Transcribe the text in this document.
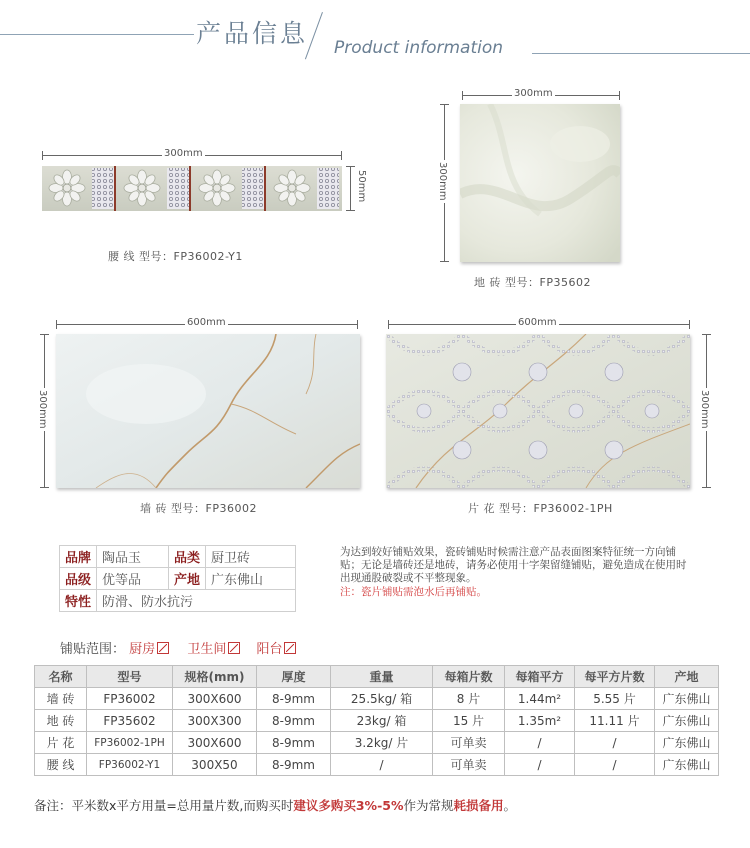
产品信息 Product information
300mm
50mm
腰 线 型号：FP36002-Y1
300mm
300mm
地 砖 型号：FP35602
600mm
300mm
墙 砖 型号：FP36002
600mm
300mm
片 花 型号：FP36002-1PH
品牌	陶品玉	品类	厨卫砖
品级	优等品	产地	广东佛山
特性	防滑、防水抗污		
为达到较好铺贴效果，瓷砖铺贴时候需注意产品表面图案特征统一方向铺贴；无论是墙砖还是地砖，请务必使用十字架留缝铺贴，避免造成在使用时出现通股破裂或不平整现象。
注：瓷片铺贴需泡水后再铺贴。
铺贴范围： 厨房 卫生间 阳台
名称	型号	规格(mm)	厚度	重量	每箱片数	每箱平方	每平方片数	产地
墙 砖	FP36002	300X600	8-9mm	25.5kg/ 箱	8 片	1.44m²	5.55 片	广东佛山
地 砖	FP35602	300X300	8-9mm	23kg/ 箱	15 片	1.35m²	11.11 片	广东佛山
片 花	FP36002-1PH	300X600	8-9mm	3.2kg/ 片	可单卖	/	/	广东佛山
腰 线	FP36002-Y1	300X50	8-9mm	/	可单卖	/	/	广东佛山
备注：平米数x平方用量=总用量片数,而购买时建议多购买3%-5%作为常规耗损备用。
